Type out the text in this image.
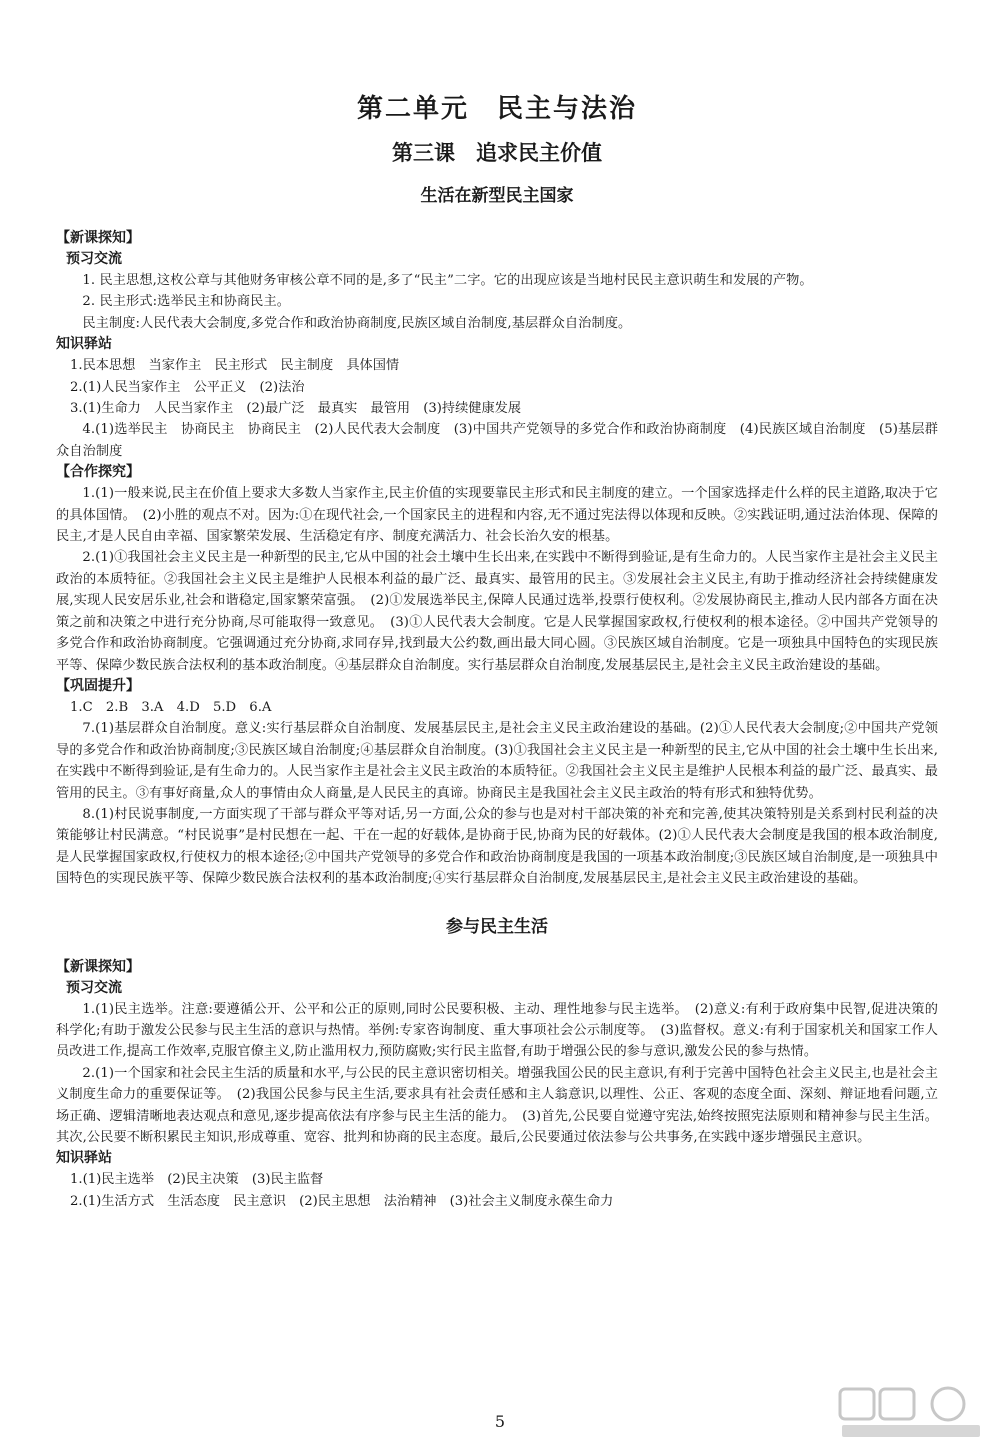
第二单元　民主与法治
第三课　追求民主价值
生活在新型民主国家
【新课探知】
预习交流

1. 民主思想,这枚公章与其他财务审核公章不同的是,多了“民主”二字。它的出现应该是当地村民民主意识萌生和发展的产物。

2. 民主形式:选举民主和协商民主。

民主制度:人民代表大会制度,多党合作和政治协商制度,民族区域自治制度,基层群众自治制度。

知识驿站

1.民本思想　当家作主　民主形式　民主制度　具体国情

2.(1)人民当家作主　公平正义　(2)法治

3.(1)生命力　人民当家作主　(2)最广泛　最真实　最管用　(3)持续健康发展

4.(1)选举民主　协商民主　协商民主　(2)人民代表大会制度　(3)中国共产党领导的多党合作和政治协商制度　(4)民族区域自治制度　(5)基层群众自治制度

【合作探究】

1.(1)一般来说,民主在价值上要求大多数人当家作主,民主价值的实现要靠民主形式和民主制度的建立。一个国家选择走什么样的民主道路,取决于它的具体国情。　(2)小胜的观点不对。因为:①在现代社会,一个国家民主的进程和内容,无不通过宪法得以体现和反映。②实践证明,通过法治体现、保障的民主,才是人民自由幸福、国家繁荣发展、生活稳定有序、制度充满活力、社会长治久安的根基。

2.(1)①我国社会主义民主是一种新型的民主,它从中国的社会土壤中生长出来,在实践中不断得到验证,是有生命力的。人民当家作主是社会主义民主政治的本质特征。②我国社会主义民主是维护人民根本利益的最广泛、最真实、最管用的民主。③发展社会主义民主,有助于推动经济社会持续健康发展,实现人民安居乐业,社会和谐稳定,国家繁荣富强。　(2)①发展选举民主,保障人民通过选举,投票行使权利。②发展协商民主,推动人民内部各方面在决策之前和决策之中进行充分协商,尽可能取得一致意见。　(3)①人民代表大会制度。它是人民掌握国家政权,行使权利的根本途径。②中国共产党领导的多党合作和政治协商制度。它强调通过充分协商,求同存异,找到最大公约数,画出最大同心圆。③民族区域自治制度。它是一项独具中国特色的实现民族平等、保障少数民族合法权利的基本政治制度。④基层群众自治制度。实行基层群众自治制度,发展基层民主,是社会主义民主政治建设的基础。

【巩固提升】

1.C　2.B　3.A　4.D　5.D　6.A

7.(1)基层群众自治制度。意义:实行基层群众自治制度、发展基层民主,是社会主义民主政治建设的基础。(2)①人民代表大会制度;②中国共产党领导的多党合作和政治协商制度;③民族区域自治制度;④基层群众自治制度。(3)①我国社会主义民主是一种新型的民主,它从中国的社会土壤中生长出来,在实践中不断得到验证,是有生命力的。人民当家作主是社会主义民主政治的本质特征。②我国社会主义民主是维护人民根本利益的最广泛、最真实、最管用的民主。③有事好商量,众人的事情由众人商量,是人民民主的真谛。协商民主是我国社会主义民主政治的特有形式和独特优势。

8.(1)村民说事制度,一方面实现了干部与群众平等对话,另一方面,公众的参与也是对村干部决策的补充和完善,使其决策特别是关系到村民利益的决策能够让村民满意。“村民说事”是村民想在一起、干在一起的好载体,是协商于民,协商为民的好载体。(2)①人民代表大会制度是我国的根本政治制度,是人民掌握国家政权,行使权力的根本途径;②中国共产党领导的多党合作和政治协商制度是我国的一项基本政治制度;③民族区域自治制度,是一项独具中国特色的实现民族平等、保障少数民族合法权利的基本政治制度;④实行基层群众自治制度,发展基层民主,是社会主义民主政治建设的基础。

参与民主生活
【新课探知】
预习交流

1.(1)民主选举。注意:要遵循公开、公平和公正的原则,同时公民要积极、主动、理性地参与民主选举。　(2)意义:有利于政府集中民智,促进决策的科学化;有助于激发公民参与民主生活的意识与热情。举例:专家咨询制度、重大事项社会公示制度等。　(3)监督权。意义:有利于国家机关和国家工作人员改进工作,提高工作效率,克服官僚主义,防止滥用权力,预防腐败;实行民主监督,有助于增强公民的参与意识,激发公民的参与热情。

2.(1)一个国家和社会民主生活的质量和水平,与公民的民主意识密切相关。增强我国公民的民主意识,有利于完善中国特色社会主义民主,也是社会主义制度生命力的重要保证等。　(2)我国公民参与民主生活,要求具有社会责任感和主人翁意识,以理性、公正、客观的态度全面、深刻、辩证地看问题,立场正确、逻辑清晰地表达观点和意见,逐步提高依法有序参与民主生活的能力。　(3)首先,公民要自觉遵守宪法,始终按照宪法原则和精神参与民主生活。其次,公民要不断积累民主知识,形成尊重、宽容、批判和协商的民主态度。最后,公民要通过依法参与公共事务,在实践中逐步增强民主意识。

知识驿站

1.(1)民主选举　(2)民主决策　(3)民主监督

2.(1)生活方式　生活态度　民主意识　(2)民主思想　法治精神　(3)社会主义制度永葆生命力

5
